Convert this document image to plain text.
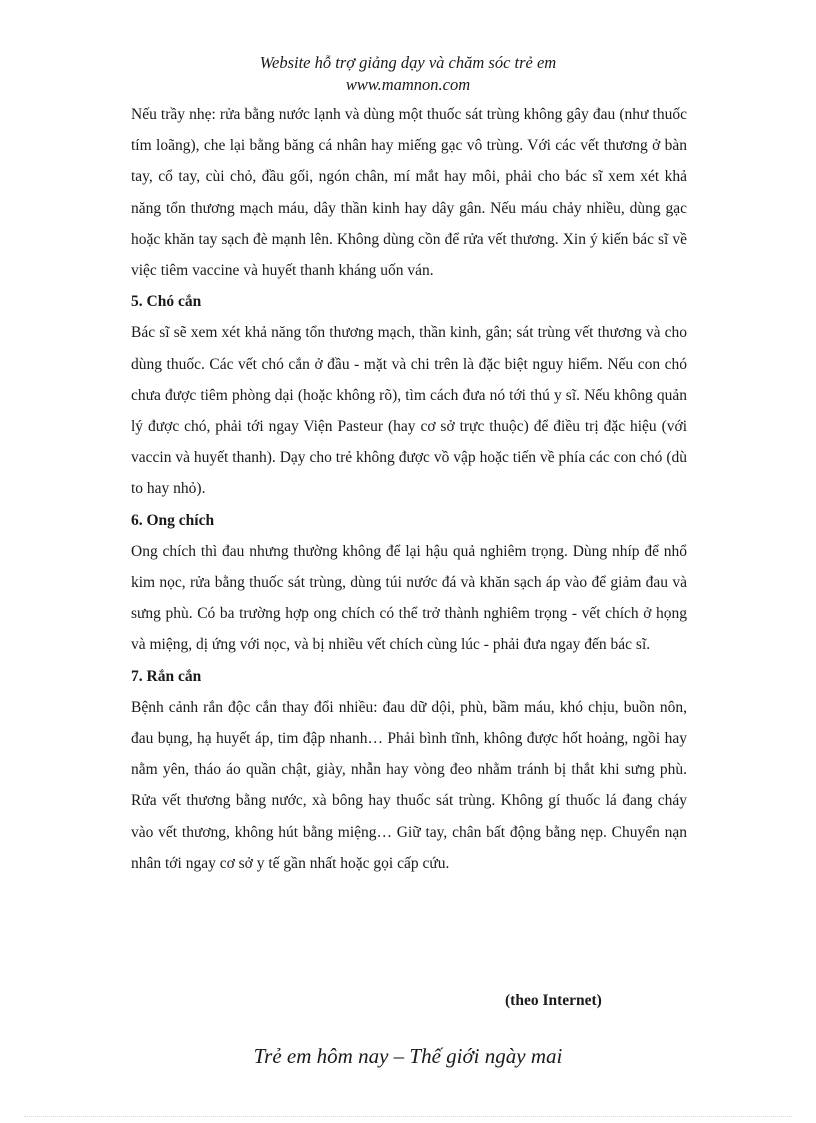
Website hỗ trợ giảng dạy và chăm sóc trẻ em
www.mamnon.com

Nếu trầy nhẹ: rửa bằng nước lạnh và dùng một thuốc sát trùng không gây đau (như thuốc tím loãng), che lại bằng băng cá nhân hay miếng gạc vô trùng. Với các vết thương ở bàn tay, cổ tay, cùi chỏ, đầu gối, ngón chân, mí mắt hay môi, phải cho bác sĩ xem xét khả năng tổn thương mạch máu, dây thần kinh hay dây gân. Nếu máu chảy nhiều, dùng gạc hoặc khăn tay sạch đè mạnh lên. Không dùng cồn để rửa vết thương. Xin ý kiến bác sĩ về việc tiêm vaccine và huyết thanh kháng uốn ván.

5. Chó cắn

Bác sĩ sẽ xem xét khả năng tổn thương mạch, thần kinh, gân; sát trùng vết thương và cho dùng thuốc. Các vết chó cắn ở đầu - mặt và chi trên là đặc biệt nguy hiểm. Nếu con chó chưa được tiêm phòng dại (hoặc không rõ), tìm cách đưa nó tới thú y sĩ. Nếu không quản lý được chó, phải tới ngay Viện Pasteur (hay cơ sở trực thuộc) để điều trị đặc hiệu (với vaccin và huyết thanh). Dạy cho trẻ không được vồ vập hoặc tiến về phía các con chó (dù to hay nhỏ).

6. Ong chích

Ong chích thì đau nhưng thường không để lại hậu quả nghiêm trọng. Dùng nhíp để nhổ kim nọc, rửa bằng thuốc sát trùng, dùng túi nước đá và khăn sạch áp vào để giảm đau và sưng phù. Có ba trường hợp ong chích có thể trở thành nghiêm trọng - vết chích ở họng và miệng, dị ứng với nọc, và bị nhiều vết chích cùng lúc - phải đưa ngay đến bác sĩ.

7. Rắn cắn

Bệnh cảnh rắn độc cắn thay đổi nhiều: đau dữ dội, phù, bầm máu, khó chịu, buồn nôn, đau bụng, hạ huyết áp, tim đập nhanh… Phải bình tĩnh, không được hốt hoảng, ngồi hay nằm yên, tháo áo quần chật, giày, nhẫn hay vòng đeo nhằm tránh bị thắt khi sưng phù. Rửa vết thương bằng nước, xà bông hay thuốc sát trùng. Không gí thuốc lá đang cháy vào vết thương, không hút bằng miệng… Giữ tay, chân bất động bằng nẹp. Chuyển nạn nhân tới ngay cơ sở y tế gần nhất hoặc gọi cấp cứu.

(theo Internet)
Trẻ em hôm nay – Thế giới ngày mai
